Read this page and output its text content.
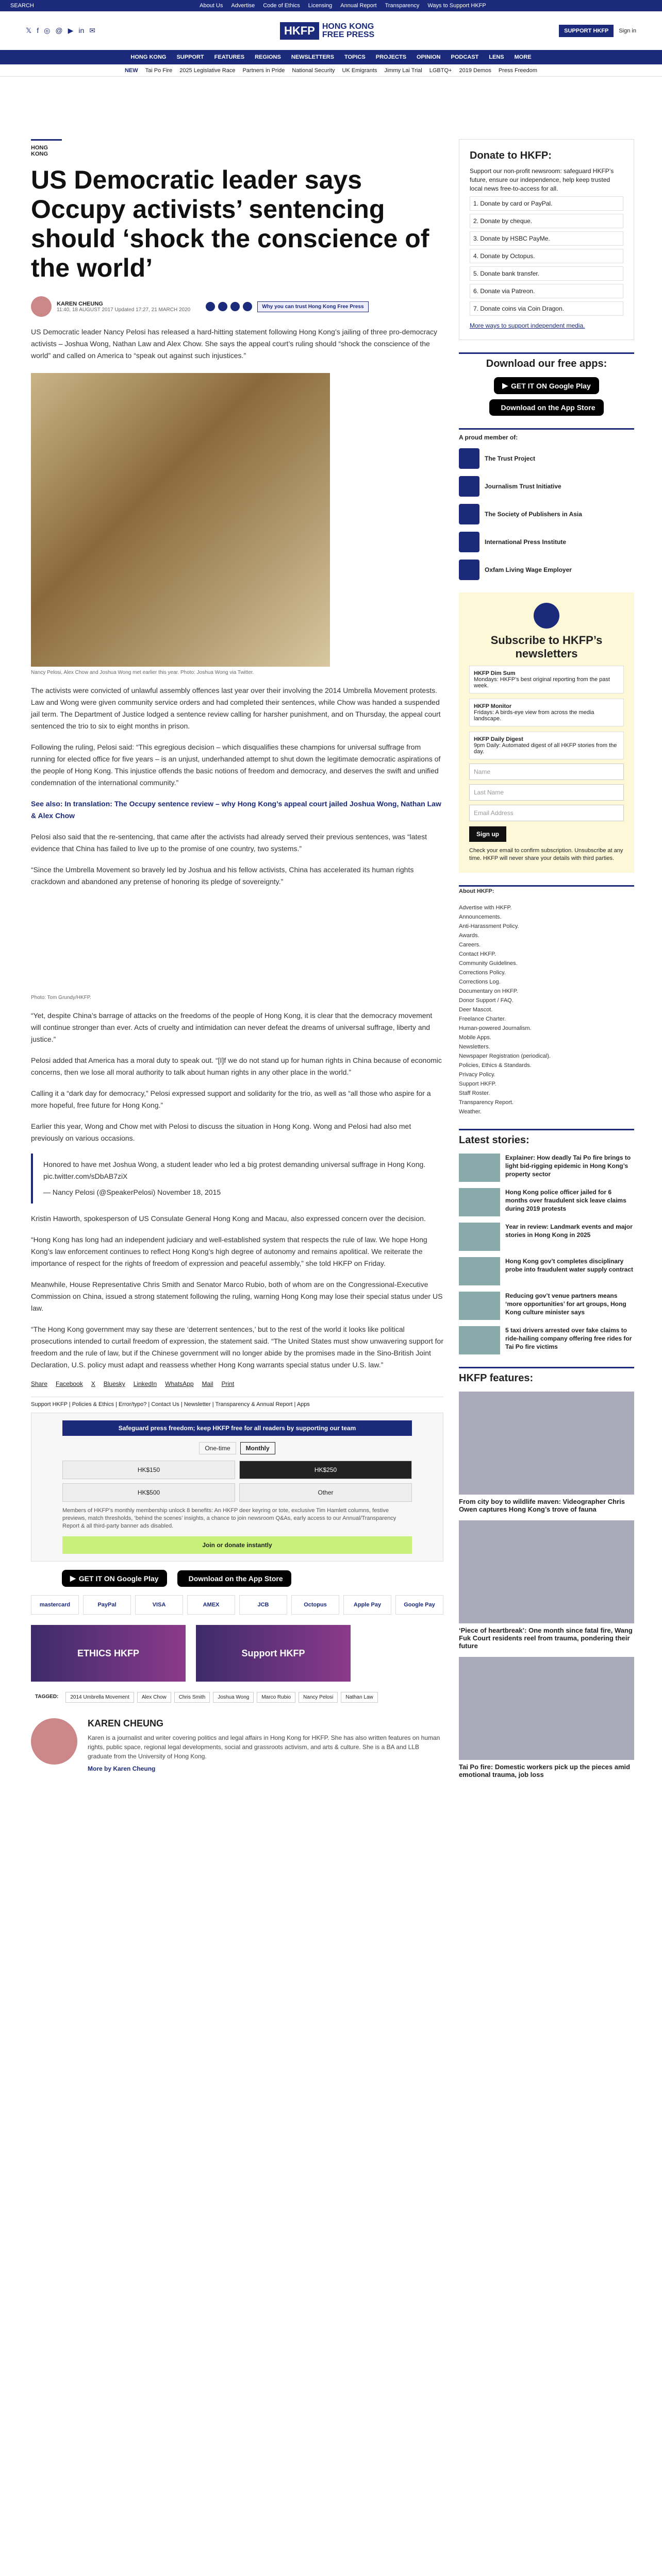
SEARCH	About Us Advertise Code of Ethics Licensing Annual Report Transparency Ways to Support HKFP
𝕏 f ◎ @ ▶ in ✉	HKFP HONG KONG
FREE PRESS	SUPPORT HKFP	Sign in
HONG KONG SUPPORT FEATURES REGIONS NEWSLETTERS TOPICS PROJECTS OPINION PODCAST LENS MORE
NEW Tai Po Fire 2025 Legislative Race Partners in Pride National Security UK Emigrants Jimmy Lai Trial LGBTQ+ 2019 Demos Press Freedom
HONG KONG
US Democratic leader says Occupy activists’ sentencing should ‘shock the conscience of the world’
KAREN CHEUNG
11:40, 18 AUGUST 2017 Updated 17:27, 21 MARCH 2020
Why you can trust Hong Kong Free Press

US Democratic leader Nancy Pelosi has released a hard-hitting statement following Hong Kong’s jailing of three pro-democracy activists – Joshua Wong, Nathan Law and Alex Chow. She says the appeal court’s ruling should “shock the conscience of the world” and called on America to “speak out against such injustices.”

Nancy Pelosi, Alex Chow and Joshua Wong met earlier this year. Photo: Joshua Wong via Twitter.

The activists were convicted of unlawful assembly offences last year over their involving the 2014 Umbrella Movement protests. Law and Wong were given community service orders and had completed their sentences, while Chow was handed a suspended jail term. The Department of Justice lodged a sentence review calling for harsher punishment, and on Thursday, the appeal court sentenced the trio to six to eight months in prison.

Following the ruling, Pelosi said: “This egregious decision – which disqualifies these champions for universal suffrage from running for elected office for five years – is an unjust, underhanded attempt to shut down the legitimate democratic aspirations of the people of Hong Kong. This injustice offends the basic notions of freedom and democracy, and deserves the swift and unified condemnation of the international community.”

See also: In translation: The Occupy sentence review – why Hong Kong’s appeal court jailed Joshua Wong, Nathan Law & Alex Chow

Pelosi also said that the re-sentencing, that came after the activists had already served their previous sentences, was “latest evidence that China has failed to live up to the promise of one country, two systems.”

“Since the Umbrella Movement so bravely led by Joshua and his fellow activists, China has accelerated its human rights crackdown and abandoned any pretense of honoring its pledge of sovereignty.”

Photo: Tom Grundy/HKFP.

“Yet, despite China’s barrage of attacks on the freedoms of the people of Hong Kong, it is clear that the democracy movement will continue stronger than ever. Acts of cruelty and intimidation can never defeat the dreams of universal suffrage, liberty and justice.”

Pelosi added that America has a moral duty to speak out. “[I]f we do not stand up for human rights in China because of economic concerns, then we lose all moral authority to talk about human rights in any other place in the world.”

Calling it a “dark day for democracy,” Pelosi expressed support and solidarity for the trio, as well as “all those who aspire for a more hopeful, free future for Hong Kong.”

Earlier this year, Wong and Chow met with Pelosi to discuss the situation in Hong Kong. Wong and Pelosi had also met previously on various occasions.

Honored to have met Joshua Wong, a student leader who led a big protest demanding universal suffrage in Hong Kong. pic.twitter.com/sDbAB7ziX
— Nancy Pelosi (@SpeakerPelosi) November 18, 2015

Kristin Haworth, spokesperson of US Consulate General Hong Kong and Macau, also expressed concern over the decision.

“Hong Kong has long had an independent judiciary and well-established system that respects the rule of law. We hope Hong Kong’s law enforcement continues to reflect Hong Kong’s high degree of autonomy and remains apolitical. We reiterate the importance of respect for the rights of freedom of expression and peaceful assembly,” she told HKFP on Friday.

Meanwhile, House Representative Chris Smith and Senator Marco Rubio, both of whom are on the Congressional-Executive Commission on China, issued a strong statement following the ruling, warning Hong Kong may lose their special status under US law.

“The Hong Kong government may say these are ‘deterrent sentences,’ but to the rest of the world it looks like political prosecutions intended to curtail freedom of expression, the statement said. “The United States must show unwavering support for freedom and the rule of law, but if the Chinese government will no longer abide by the promises made in the Sino-British Joint Declaration, U.S. policy must adapt and reassess whether Hong Kong warrants special status under U.S. law.”

Share Facebook X Bluesky LinkedIn WhatsApp Mail Print
Support HKFP | Policies & Ethics | Error/typo? | Contact Us | Newsletter | Transparency & Annual Report | Apps
Safeguard press freedom; keep HKFP free for all readers by supporting our team
One-time	Monthly
HK$150	HK$250
HK$500	Other
Members of HKFP’s monthly membership unlock 8 benefits: An HKFP deer keyring or tote, exclusive Tim Hamlett columns, festive previews, match thresholds, ‘behind the scenes’ insights, a chance to join newsroom Q&As, early access to our Annual/Transparency Report & all third-party banner ads disabled.
Join or donate instantly
▶ GET IT ON Google Play	Download on the App Store
mastercard	PayPal	VISA	AMEX	JCB	Octopus	Apple Pay	Google Pay
ETHICS HKFP	Support HKFP
TAGGED:	2014 Umbrella Movement	Alex Chow	Chris Smith	Joshua Wong	Marco Rubio	Nancy Pelosi	Nathan Law
KAREN CHEUNG

Karen is a journalist and writer covering politics and legal affairs in Hong Kong for HKFP. She has also written features on human rights, public space, regional legal developments, social and grassroots activism, and arts & culture. She is a BA and LLB graduate from the University of Hong Kong.

More by Karen Cheung
Donate to HKFP:

Support our non-profit newsroom: safeguard HKFP’s future, ensure our independence, help keep trusted local news free-to-access for all.

1. Donate by card or PayPal.
2. Donate by cheque.
3. Donate by HSBC PayMe.
4. Donate by Octopus.
5. Donate bank transfer.
6. Donate via Patreon.
7. Donate coins via Coin Dragon.
More ways to support independent media.
Download our free apps:
▶ GET IT ON Google Play
Download on the App Store
A proud member of:
The Trust Project
Journalism Trust Initiative
The Society of Publishers in Asia
International Press Institute
Oxfam Living Wage Employer
Subscribe to HKFP’s newsletters
HKFP Dim Sum
Mondays: HKFP’s best original reporting from the past week.
HKFP Monitor
Fridays: A birds-eye view from across the media landscape.
HKFP Daily Digest
9pm Daily: Automated digest of all HKFP stories from the day.
Name
Last Name
Email Address
Sign up

Check your email to confirm subscription. Unsubscribe at any time. HKFP will never share your details with third parties.

About HKFP:
Advertise with HKFP.
Announcements.
Anti-Harassment Policy.
Awards.
Careers.
Contact HKFP.
Community Guidelines.
Corrections Policy.
Corrections Log.
Documentary on HKFP.
Donor Support / FAQ.
Deer Mascot.
Freelance Charter.
Human-powered Journalism.
Mobile Apps.
Newsletters.
Newspaper Registration (periodical).
Policies, Ethics & Standards.
Privacy Policy.
Support HKFP.
Staff Roster.
Transparency Report.
Weather.
Latest stories:
Explainer: How deadly Tai Po fire brings to light bid-rigging epidemic in Hong Kong’s property sector
Hong Kong police officer jailed for 6 months over fraudulent sick leave claims during 2019 protests
Year in review: Landmark events and major stories in Hong Kong in 2025
Hong Kong gov’t completes disciplinary probe into fraudulent water supply contract
Reducing gov’t venue partners means ‘more opportunities’ for art groups, Hong Kong culture minister says
5 taxi drivers arrested over fake claims to ride-hailing company offering free rides for Tai Po fire victims
HKFP features:
From city boy to wildlife maven: Videographer Chris Owen captures Hong Kong’s trove of fauna
‘Piece of heartbreak’: One month since fatal fire, Wang Fuk Court residents reel from trauma, pondering their future
Tai Po fire: Domestic workers pick up the pieces amid emotional trauma, job loss
